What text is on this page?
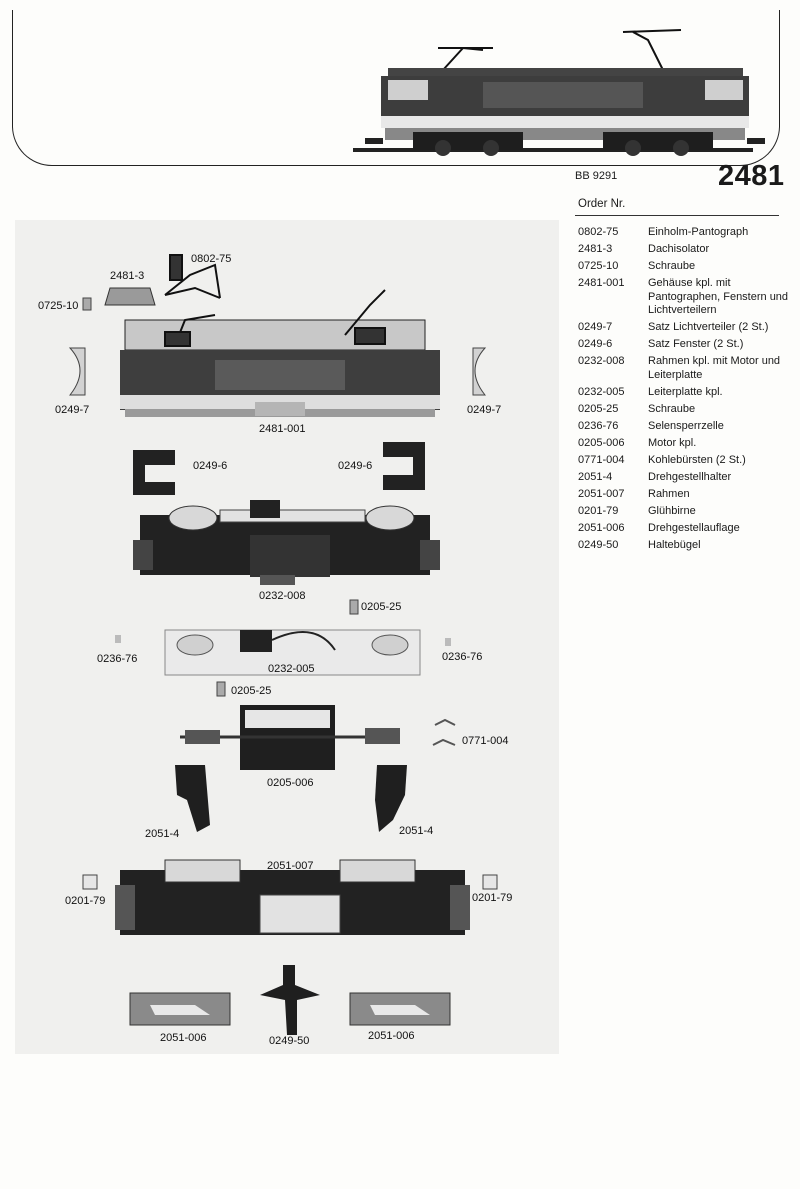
BB 9291	2481
Order Nr.
0802-75	Einholm-Pantograph
2481-3	Dachisolator
0725-10	Schraube
2481-001	Gehäuse kpl. mit Pantographen, Fenstern und Lichtverteilern
0249-7	Satz Lichtverteiler (2 St.)
0249-6	Satz Fenster (2 St.)
0232-008	Rahmen kpl. mit Motor und Leiterplatte
0232-005	Leiterplatte kpl.
0205-25	Schraube
0236-76	Selensperrzelle
0205-006	Motor kpl.
0771-004	Kohlebürsten (2 St.)
2051-4	Drehgestellhalter
2051-007	Rahmen
0201-79	Glühbirne
2051-006	Drehgestellauflage
0249-50	Haltebügel
0802-75
2481-3
0725-10
0249-7	0249-7
2481-001
0249-6	0249-6
0232-008
0205-25
0236-76
0232-005
0236-76
0205-25
0205-006
0771-004
2051-4	2051-4
2051-007
0201-79	0201-79
2051-006	0249-50	2051-006
